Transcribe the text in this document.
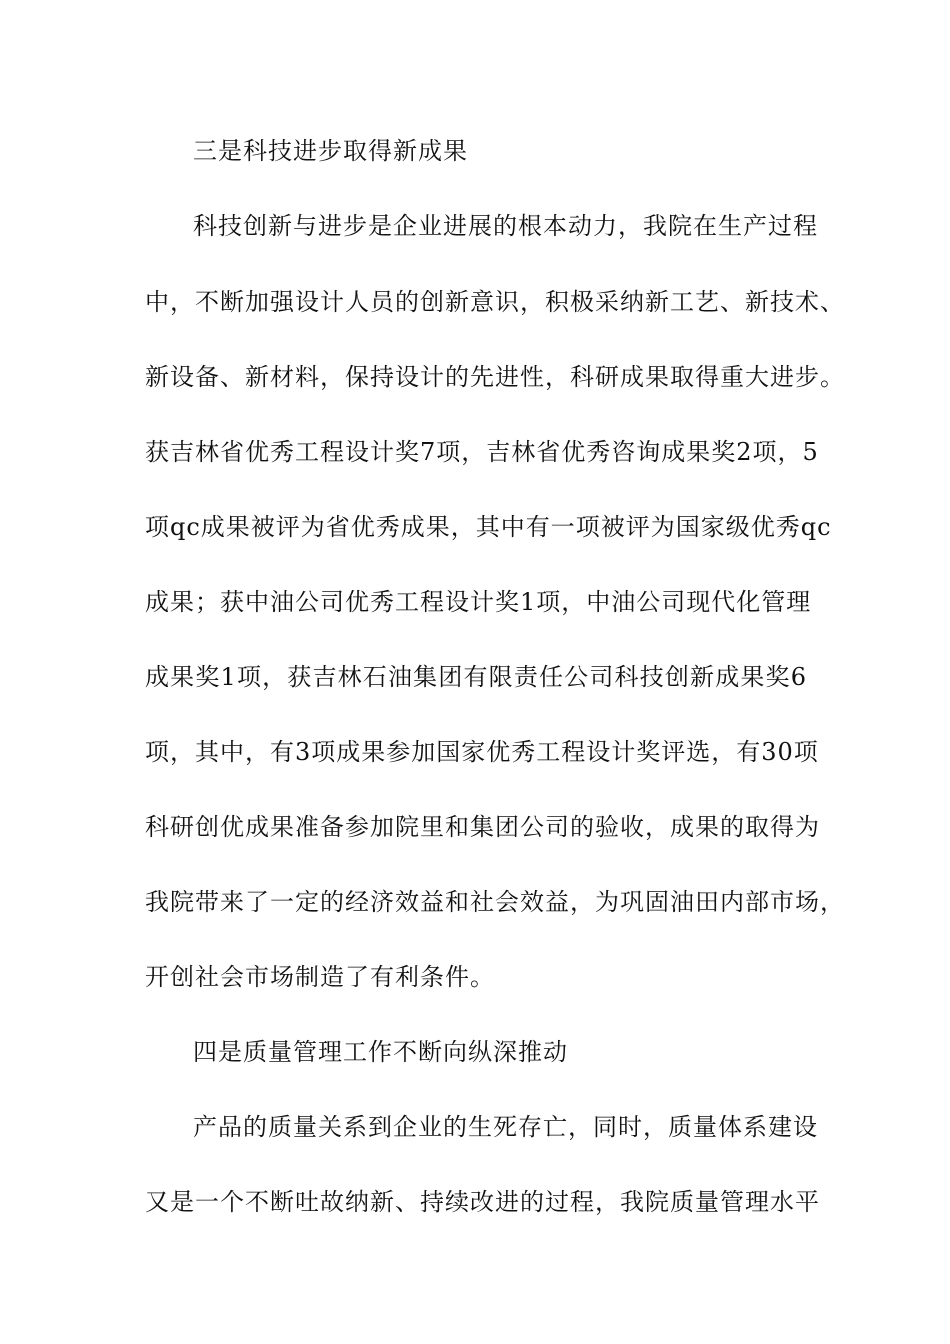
三是科技进步取得新成果
科技创新与进步是企业进展的根本动力，我院在生产过程
中，不断加强设计人员的创新意识，积极采纳新工艺、新技术、
新设备、新材料，保持设计的先进性，科研成果取得重大进步。
获吉林省优秀工程设计奖7项，吉林省优秀咨询成果奖2项，5
项qc成果被评为省优秀成果，其中有一项被评为国家级优秀qc
成果；获中油公司优秀工程设计奖1项，中油公司现代化管理
成果奖1项，获吉林石油集团有限责任公司科技创新成果奖6
项，其中，有3项成果参加国家优秀工程设计奖评选，有30项
科研创优成果准备参加院里和集团公司的验收，成果的取得为
我院带来了一定的经济效益和社会效益，为巩固油田内部市场，
开创社会市场制造了有利条件。
四是质量管理工作不断向纵深推动
产品的质量关系到企业的生死存亡，同时，质量体系建设
又是一个不断吐故纳新、持续改进的过程，我院质量管理水平
